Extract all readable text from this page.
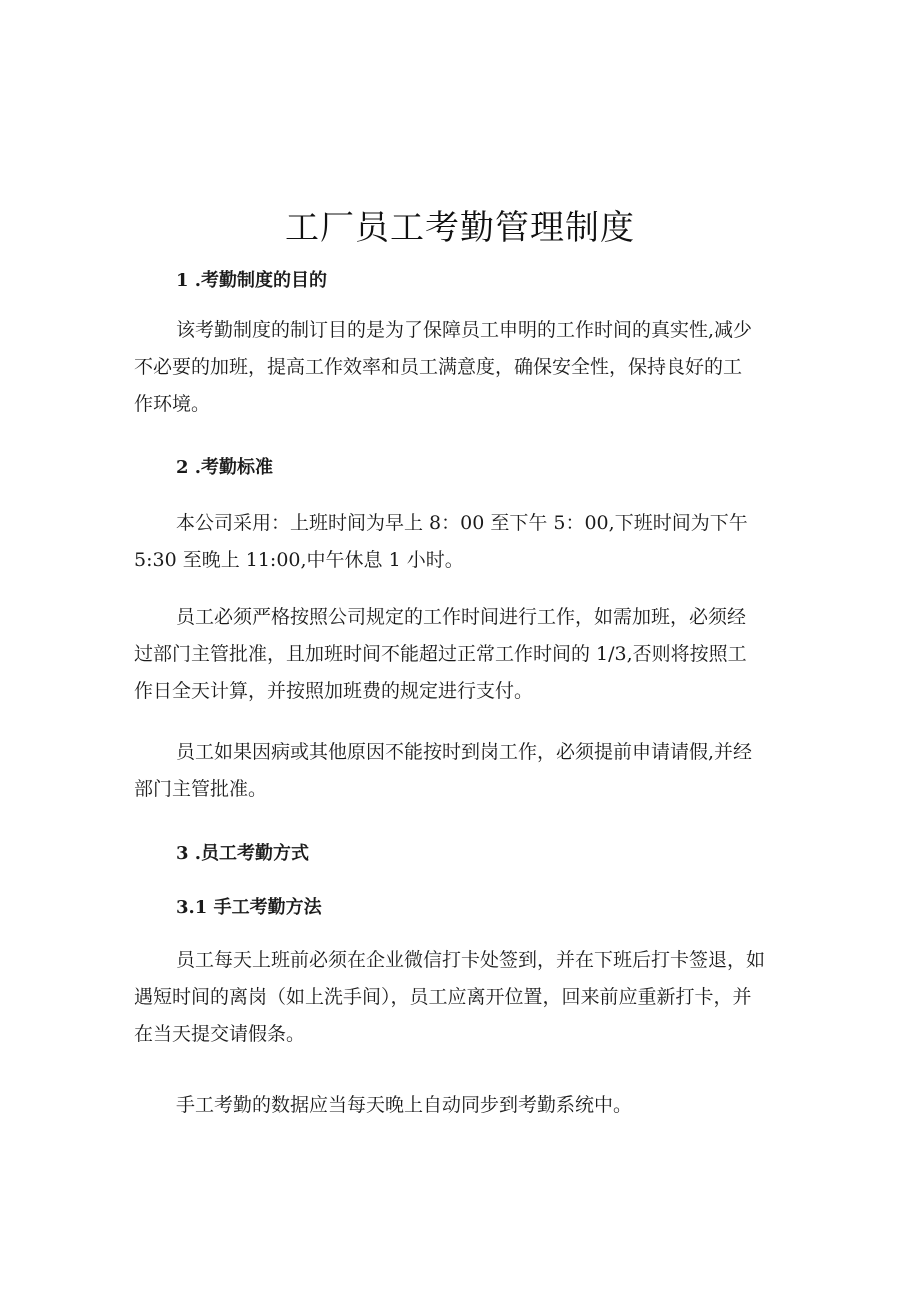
工厂员工考勤管理制度
1 .考勤制度的目的
该考勤制度的制订目的是为了保障员工申明的工作时间的真实性,减少
不必要的加班，提高工作效率和员工满意度，确保安全性，保持良好的工
作环境。
2 .考勤标准
本公司采用：上班时间为早上 8：00 至下午 5：00,下班时间为下午
5:30 至晚上 11:00,中午休息 1 小时。
员工必须严格按照公司规定的工作时间进行工作，如需加班，必须经
过部门主管批准，且加班时间不能超过正常工作时间的 1/3,否则将按照工
作日全天计算，并按照加班费的规定进行支付。
员工如果因病或其他原因不能按时到岗工作，必须提前申请请假,并经
部门主管批准。
3 .员工考勤方式
3.1 手工考勤方法
员工每天上班前必须在企业微信打卡处签到，并在下班后打卡签退，如
遇短时间的离岗（如上洗手间），员工应离开位置，回来前应重新打卡，并
在当天提交请假条。
手工考勤的数据应当每天晚上自动同步到考勤系统中。
